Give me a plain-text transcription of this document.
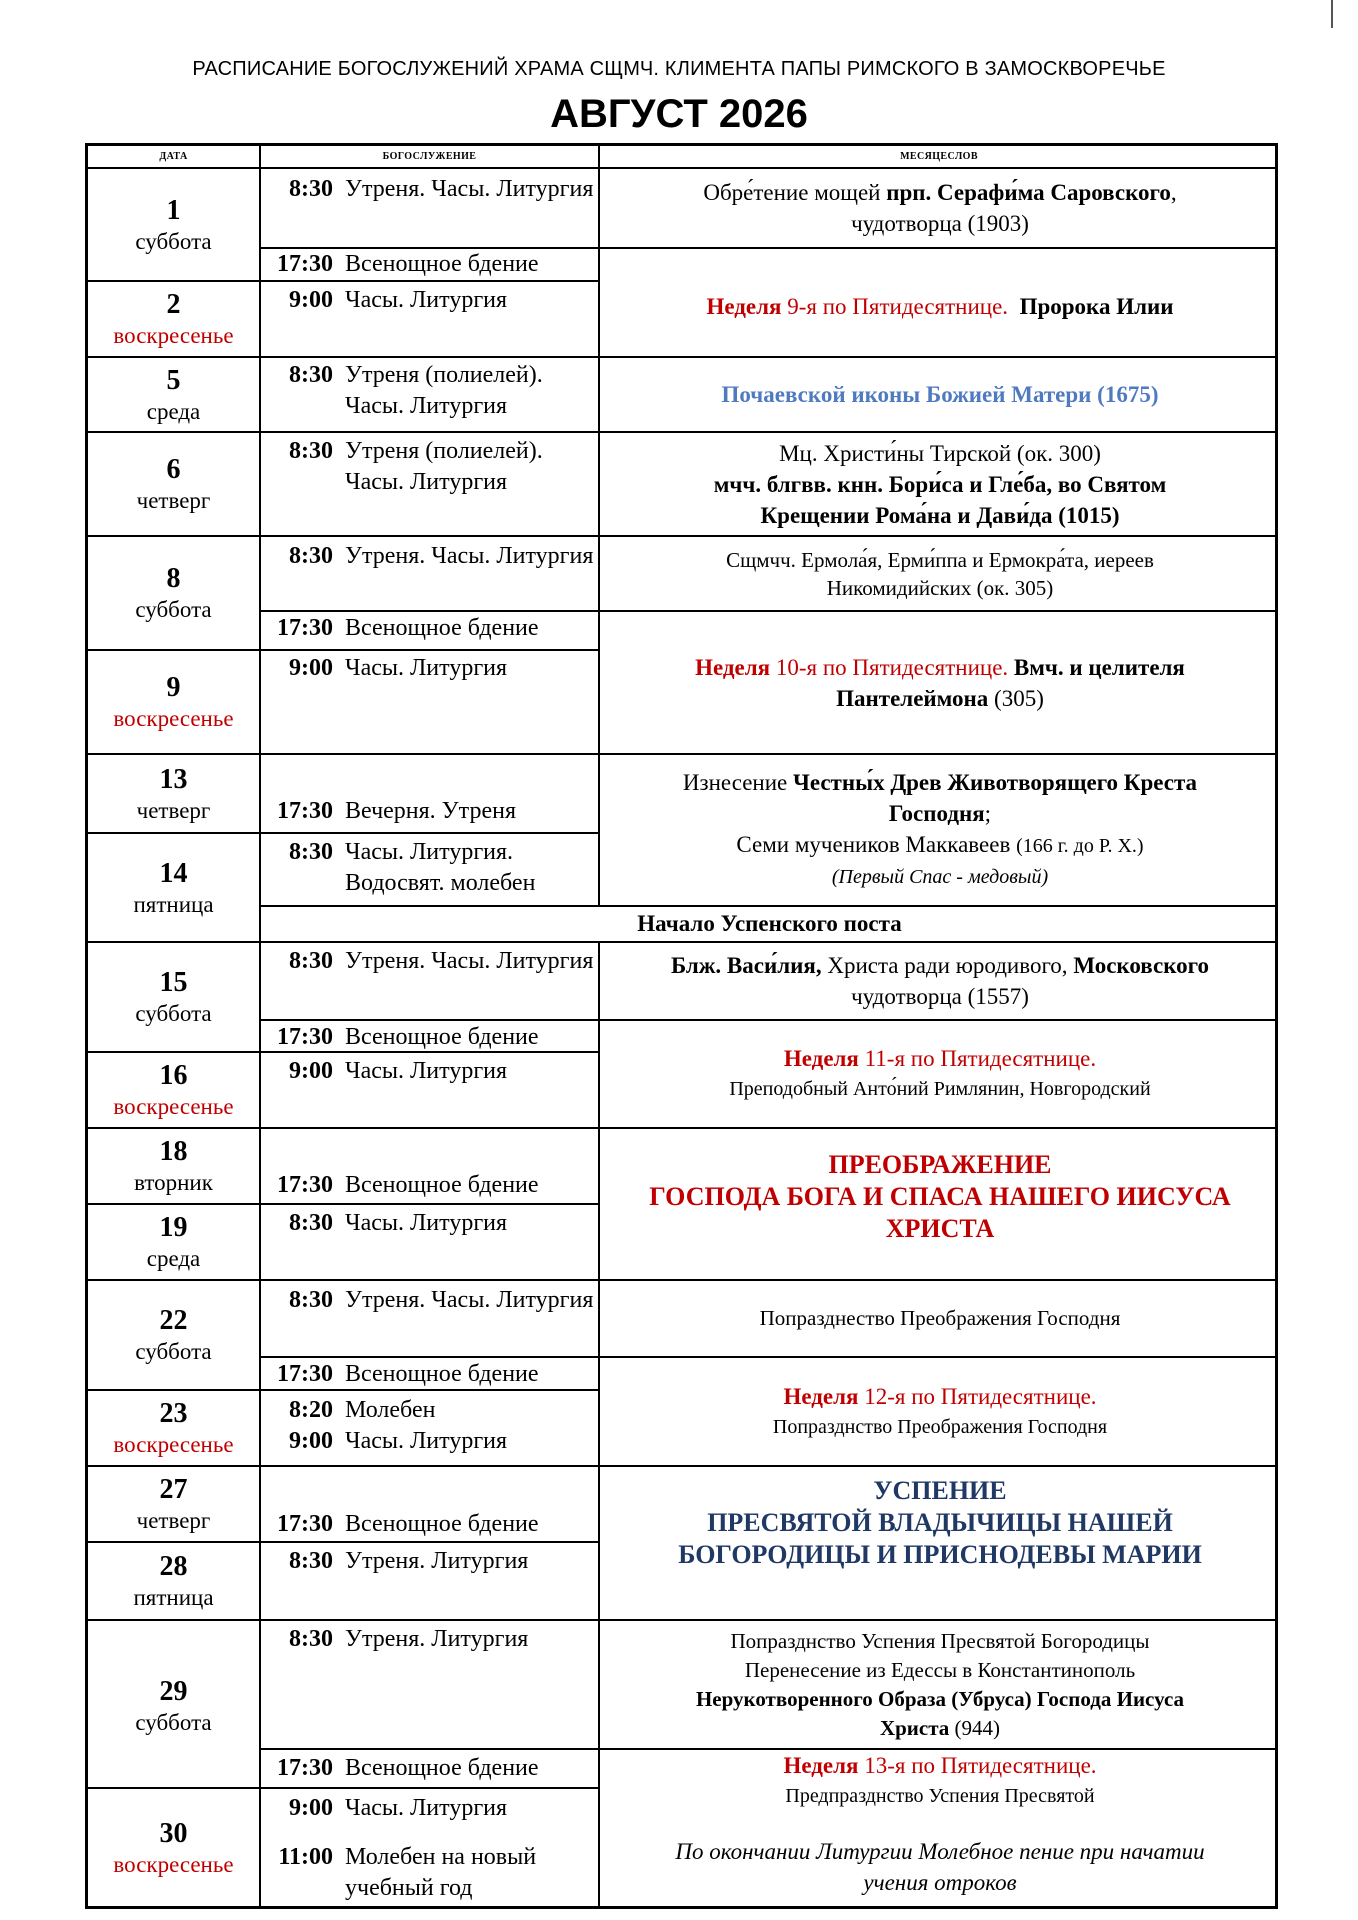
РАСПИСАНИЕ БОГОСЛУЖЕНИЙ ХРАМА СЩМЧ. КЛИМЕНТА ПАПЫ РИМСКОГО В ЗАМОСКВОРЕЧЬЕ
АВГУСТ 2026
ДАТА	БОГОСЛУЖЕНИЕ	МЕСЯЦЕСЛОВ
1
суббота
2
воскресенье
5
среда
6
четверг
8
суббота
9
воскресенье
13
четверг
14
пятница
15
суббота
16
воскресенье
18
вторник
19
среда
22
суббота
23
воскресенье
27
четверг
28
пятница
29
суббота
30
воскресенье
8:30 Утреня. Часы. Литургия
17:30 Всенощное бдение
9:00 Часы. Литургия
8:30 Утреня (полиелей). Часы. Литургия
8:30 Утреня (полиелей). Часы. Литургия
8:30 Утреня. Часы. Литургия
17:30 Всенощное бдение
9:00 Часы. Литургия
17:30 Вечерня. Утреня
8:30 Часы. Литургия. Водосвят. молебен
8:30 Утреня. Часы. Литургия
17:30 Всенощное бдение
9:00 Часы. Литургия
17:30 Всенощное бдение
8:30 Часы. Литургия
8:30 Утреня. Часы. Литургия
17:30 Всенощное бдение
8:20 Молебен
9:00 Часы. Литургия
17:30 Всенощное бдение
8:30 Утреня. Литургия
8:30 Утреня. Литургия
17:30 Всенощное бдение
9:00 Часы. Литургия
11:00 Молебен на новый учебный год
Начало Успенского поста
Обре́тение мощей прп. Серафи́ма Саровского,
чудотворца (1903)
Неделя 9-я по Пятидесятнице. Пророка Илии
Почаевской иконы Божией Матери (1675)
Мц. Христи́ны Тирской (ок. 300)
мчч. блгвв. кнн. Бори́са и Гле́ба, во Святом
Крещении Рома́на и Дави́да (1015)
Сщмчч. Ермола́я, Ерми́ппа и Ермокра́та, иереев
Никомидийских (ок. 305)
Неделя 10-я по Пятидесятнице. Вмч. и целителя
Пантелеймона (305)
Изнесение Честны́х Древ Животворящего Креста
Господня;
Семи мучеников Маккавеев (166 г. до Р. Х.)
(Первый Спас - медовый)
Блж. Васи́лия, Христа ради юродивого, Московского
чудотворца (1557)
Неделя 11-я по Пятидесятнице.
Преподобный Анто́ний Римлянин, Новгородский
ПРЕОБРАЖЕНИЕ
ГОСПОДА БОГА И СПАСА НАШЕГО ИИСУСА
ХРИСТА
Попразднество Преображения Господня
Неделя 12-я по Пятидесятнице.
Попразднство Преображения Господня
УСПЕНИЕ
ПРЕСВЯТОЙ ВЛАДЫЧИЦЫ НАШЕЙ
БОГОРОДИЦЫ И ПРИСНОДЕВЫ МАРИИ
Попразднство Успения Пресвятой Богородицы
Перенесение из Едессы в Константинополь
Нерукотворенного Образа (Убруса) Господа Иисуса
Христа (944)
Неделя 13-я по Пятидесятнице.
Предпразднство Успения Пресвятой
По окончании Литургии Молебное пение при начатии учения отроков
